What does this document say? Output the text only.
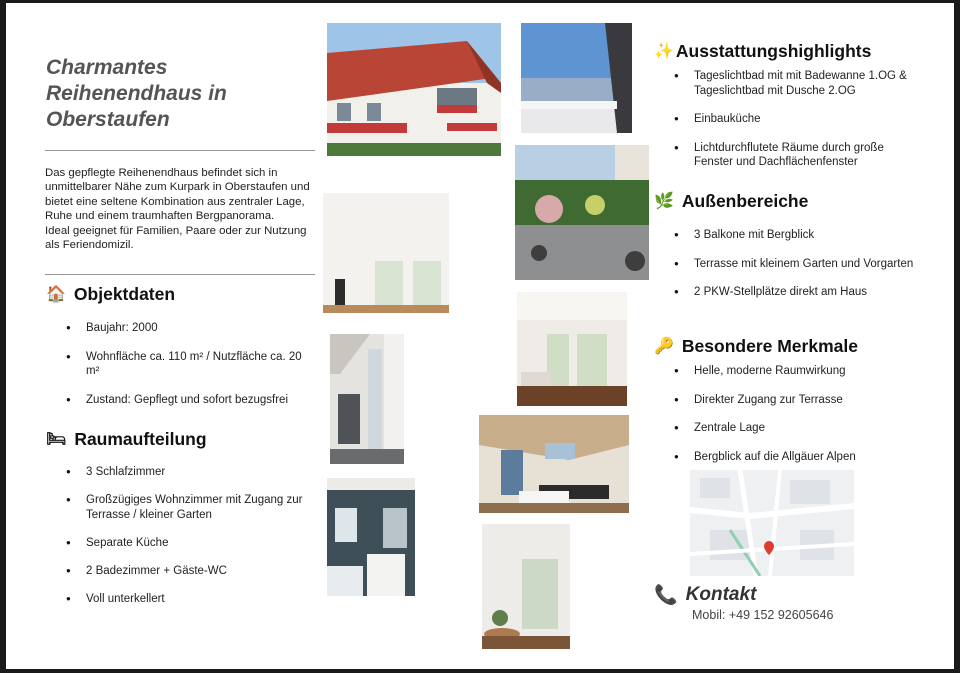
Charmantes Reihenendhaus in Oberstaufen
Das gepflegte Reihenendhaus befindet sich in unmittelbarer Nähe zum Kurpark in Oberstaufen und bietet eine seltene Kombination aus zentraler Lage, Ruhe und einem traumhaften Bergpanorama.
Ideal geeignet für Familien, Paare oder zur Nutzung als Feriendomizil.
🏠 Objektdaten
● Baujahr: 2000
● Wohnfläche ca. 110 m² / Nutzfläche ca. 20 m²
● Zustand: Gepflegt und sofort bezugsfrei
🛏 Raumaufteilung
● 3 Schlafzimmer
● Großzügiges Wohnzimmer mit Zugang zur Terrasse / kleiner Garten
● Separate Küche
● 2 Badezimmer + Gäste-WC
● Voll unterkellert
✨ Ausstattungshighlights
● Tageslichtbad mit mit Badewanne 1.OG & Tageslichtbad mit Dusche 2.OG
● Einbauküche
● Lichtdurchflutete Räume durch große Fenster und Dachflächenfenster
🌿 Außenbereiche
● 3 Balkone mit Bergblick
● Terrasse mit kleinem Garten und Vorgarten
● 2 PKW-Stellplätze direkt am Haus
🔑 Besondere Merkmale
● Helle, moderne Raumwirkung
● Direkter Zugang zur Terrasse
● Zentrale Lage
● Bergblick auf die Allgäuer Alpen
📞 Kontakt
Mobil: +49 152 92605646
